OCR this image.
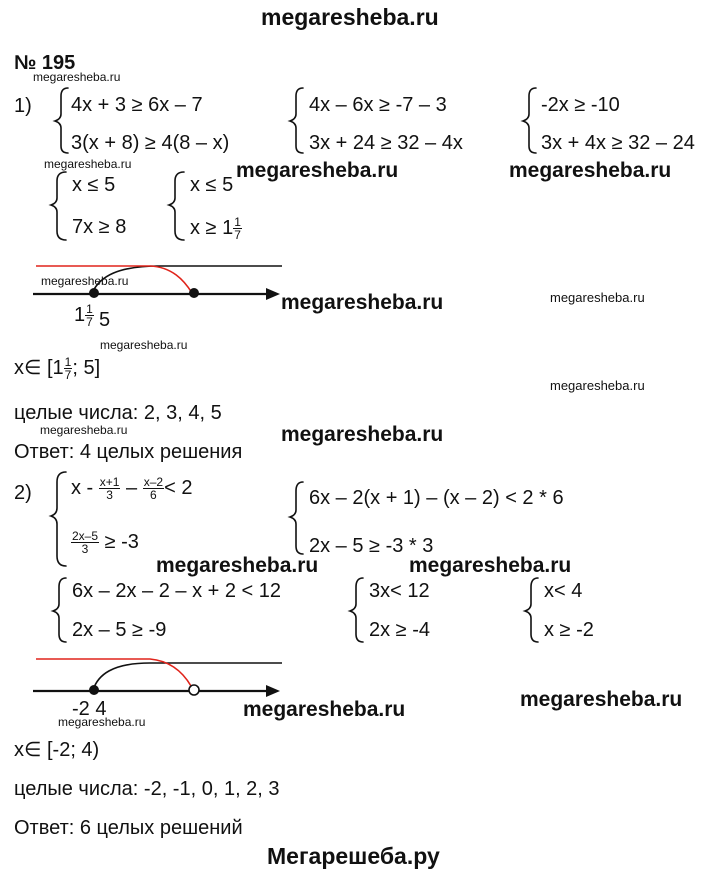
megaresheba.ru
megaresheba.ru
megaresheba.ru	megaresheba.ru	megaresheba.ru
megaresheba.ru
megaresheba.ru	megaresheba.ru
megaresheba.ru
megaresheba.ru
megaresheba.ru	megaresheba.ru
megaresheba.ru	megaresheba.ru
megaresheba.ru
megaresheba.ru
megaresheba.ru
Мегарешеба.ру
№ 195
1) 4x + 3 ≥ 6x – 7
3(x + 8) ≥ 4(8 – x)
4x – 6x ≥ -7 – 3
3x + 24 ≥ 32 – 4x
-2x ≥ -10
3x + 4x ≥ 32 – 24
x ≤ 5
7x ≥ 8
x ≤ 5
$x \ge 1 \frac{1}{7}$
$1 \frac{1}{7} 5$
x∈ [$1 \frac{1}{7}$ ; 5]
целые числа: 2, 3, 4, 5
Ответ: 4 целых решения
2) $x - \frac{x+1}{3} - \frac{x-2}{6} < 2$
$\frac{2x-5}{3} \ge -3$
6x – 2(x + 1) – (x – 2) < 2 * 6
2x – 5 ≥ -3 * 3
6x – 2x – 2 – x + 2 < 12
2x – 5 ≥ -9
3x< 12
2x ≥ -4
x< 4
x ≥ -2
-2 4
x∈ [-2; 4)
целые числа: -2, -1, 0, 1, 2, 3
Ответ: 6 целых решений
